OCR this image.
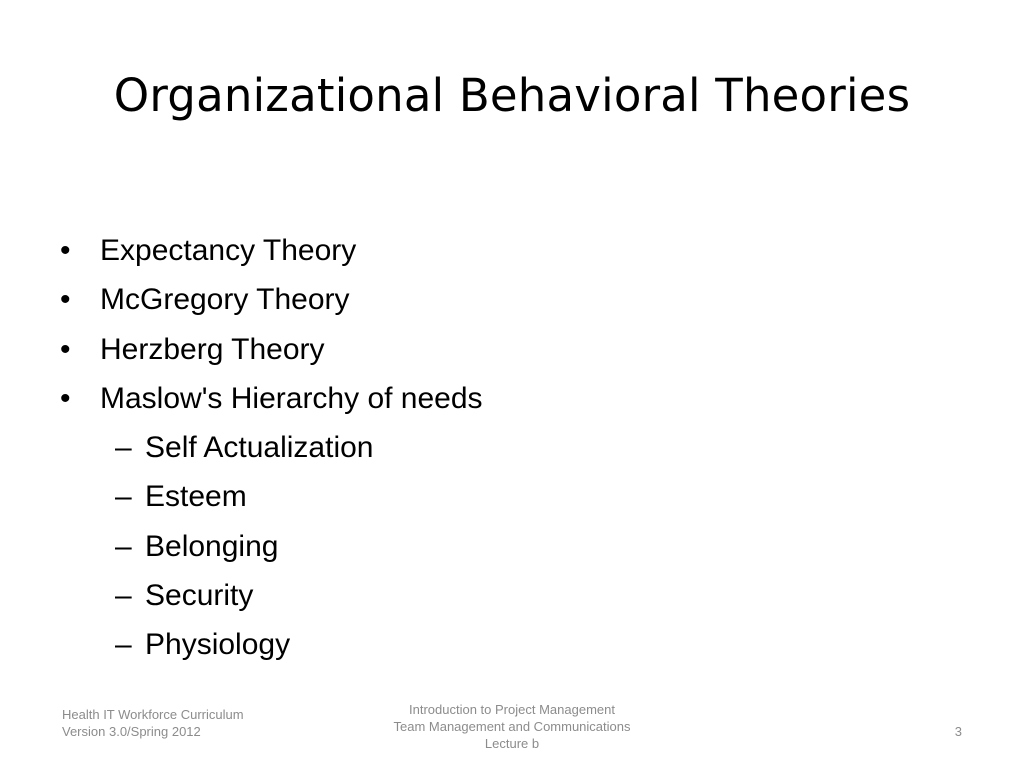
Organizational Behavioral Theories
• Expectancy Theory
• McGregory Theory
• Herzberg Theory
• Maslow's Hierarchy of needs
– Self Actualization
– Esteem
– Belonging
– Security
– Physiology
Health IT Workforce Curriculum
Version 3.0/Spring 2012
Introduction to Project Management
Team Management and Communications
Lecture b
3
